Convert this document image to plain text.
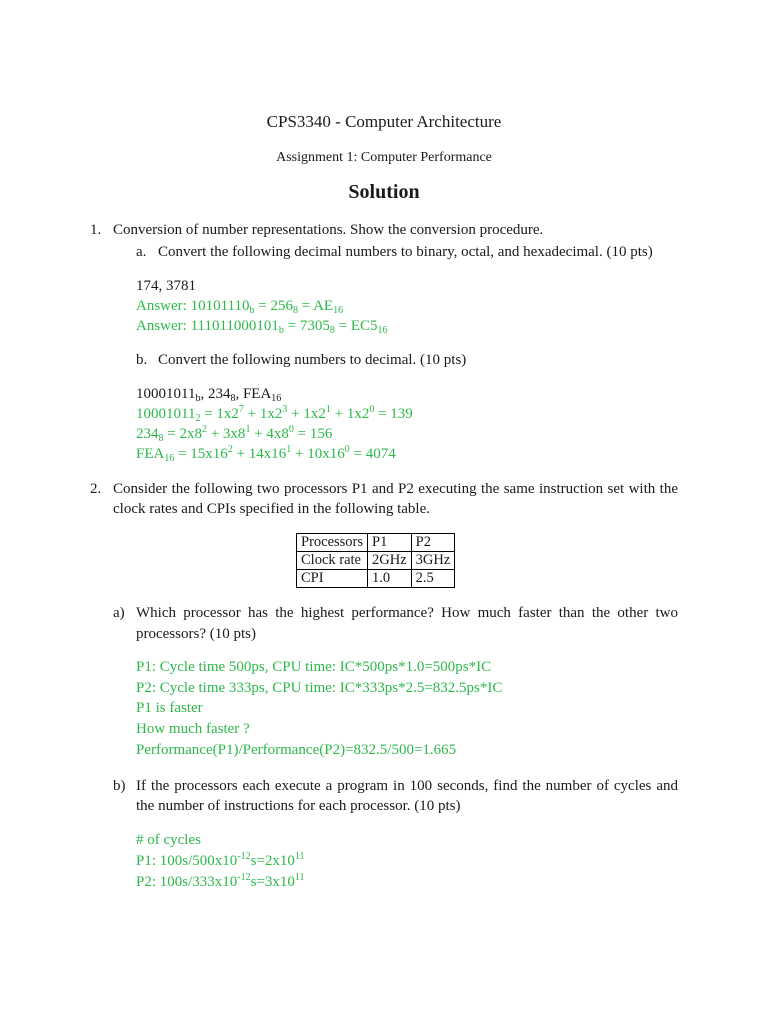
CPS3340 - Computer Architecture
Assignment 1: Computer Performance
Solution
1. Conversion of number representations. Show the conversion procedure.
a. Convert the following decimal numbers to binary, octal, and hexadecimal. (10 pts)
174, 3781
Answer: $10101110_b = 256_8 = AE_{16}$
Answer: $111011000101_b = 7305_8 = EC5_{16}$
b. Convert the following numbers to decimal. (10 pts)
$10001011_b$, $234_8$, $FEA_{16}$
$10001011_2 = 1x2^7 + 1x2^3 + 1x2^1 + 1x2^0 = 139$
$234_8 = 2x8^2 + 3x8^1 + 4x8^0 = 156$
$FEA_{16} = 15x16^2 + 14x16^1 + 10x16^0 = 4074$
2. Consider the following two processors P1 and P2 executing the same instruction set with the
clock rates and CPIs specified in the following table.
Processors	P1	P2
Clock rate	2GHz	3GHz
CPI	1.0	2.5
a) Which processor has the highest performance? How much faster than the other two
processors? (10 pts)
P1: Cycle time 500ps, CPU time: IC*500ps*1.0=500ps*IC
P2: Cycle time 333ps, CPU time: IC*333ps*2.5=832.5ps*IC
P1 is faster
How much faster ?
Performance(P1)/Performance(P2)=832.5/500=1.665
b) If the processors each execute a program in 100 seconds, find the number of cycles and
the number of instructions for each processor. (10 pts)
# of cycles
P1: $100s/500x10^{-12}s=2x10^{11}$
P2: $100s/333x10^{-12}s=3x10^{11}$
